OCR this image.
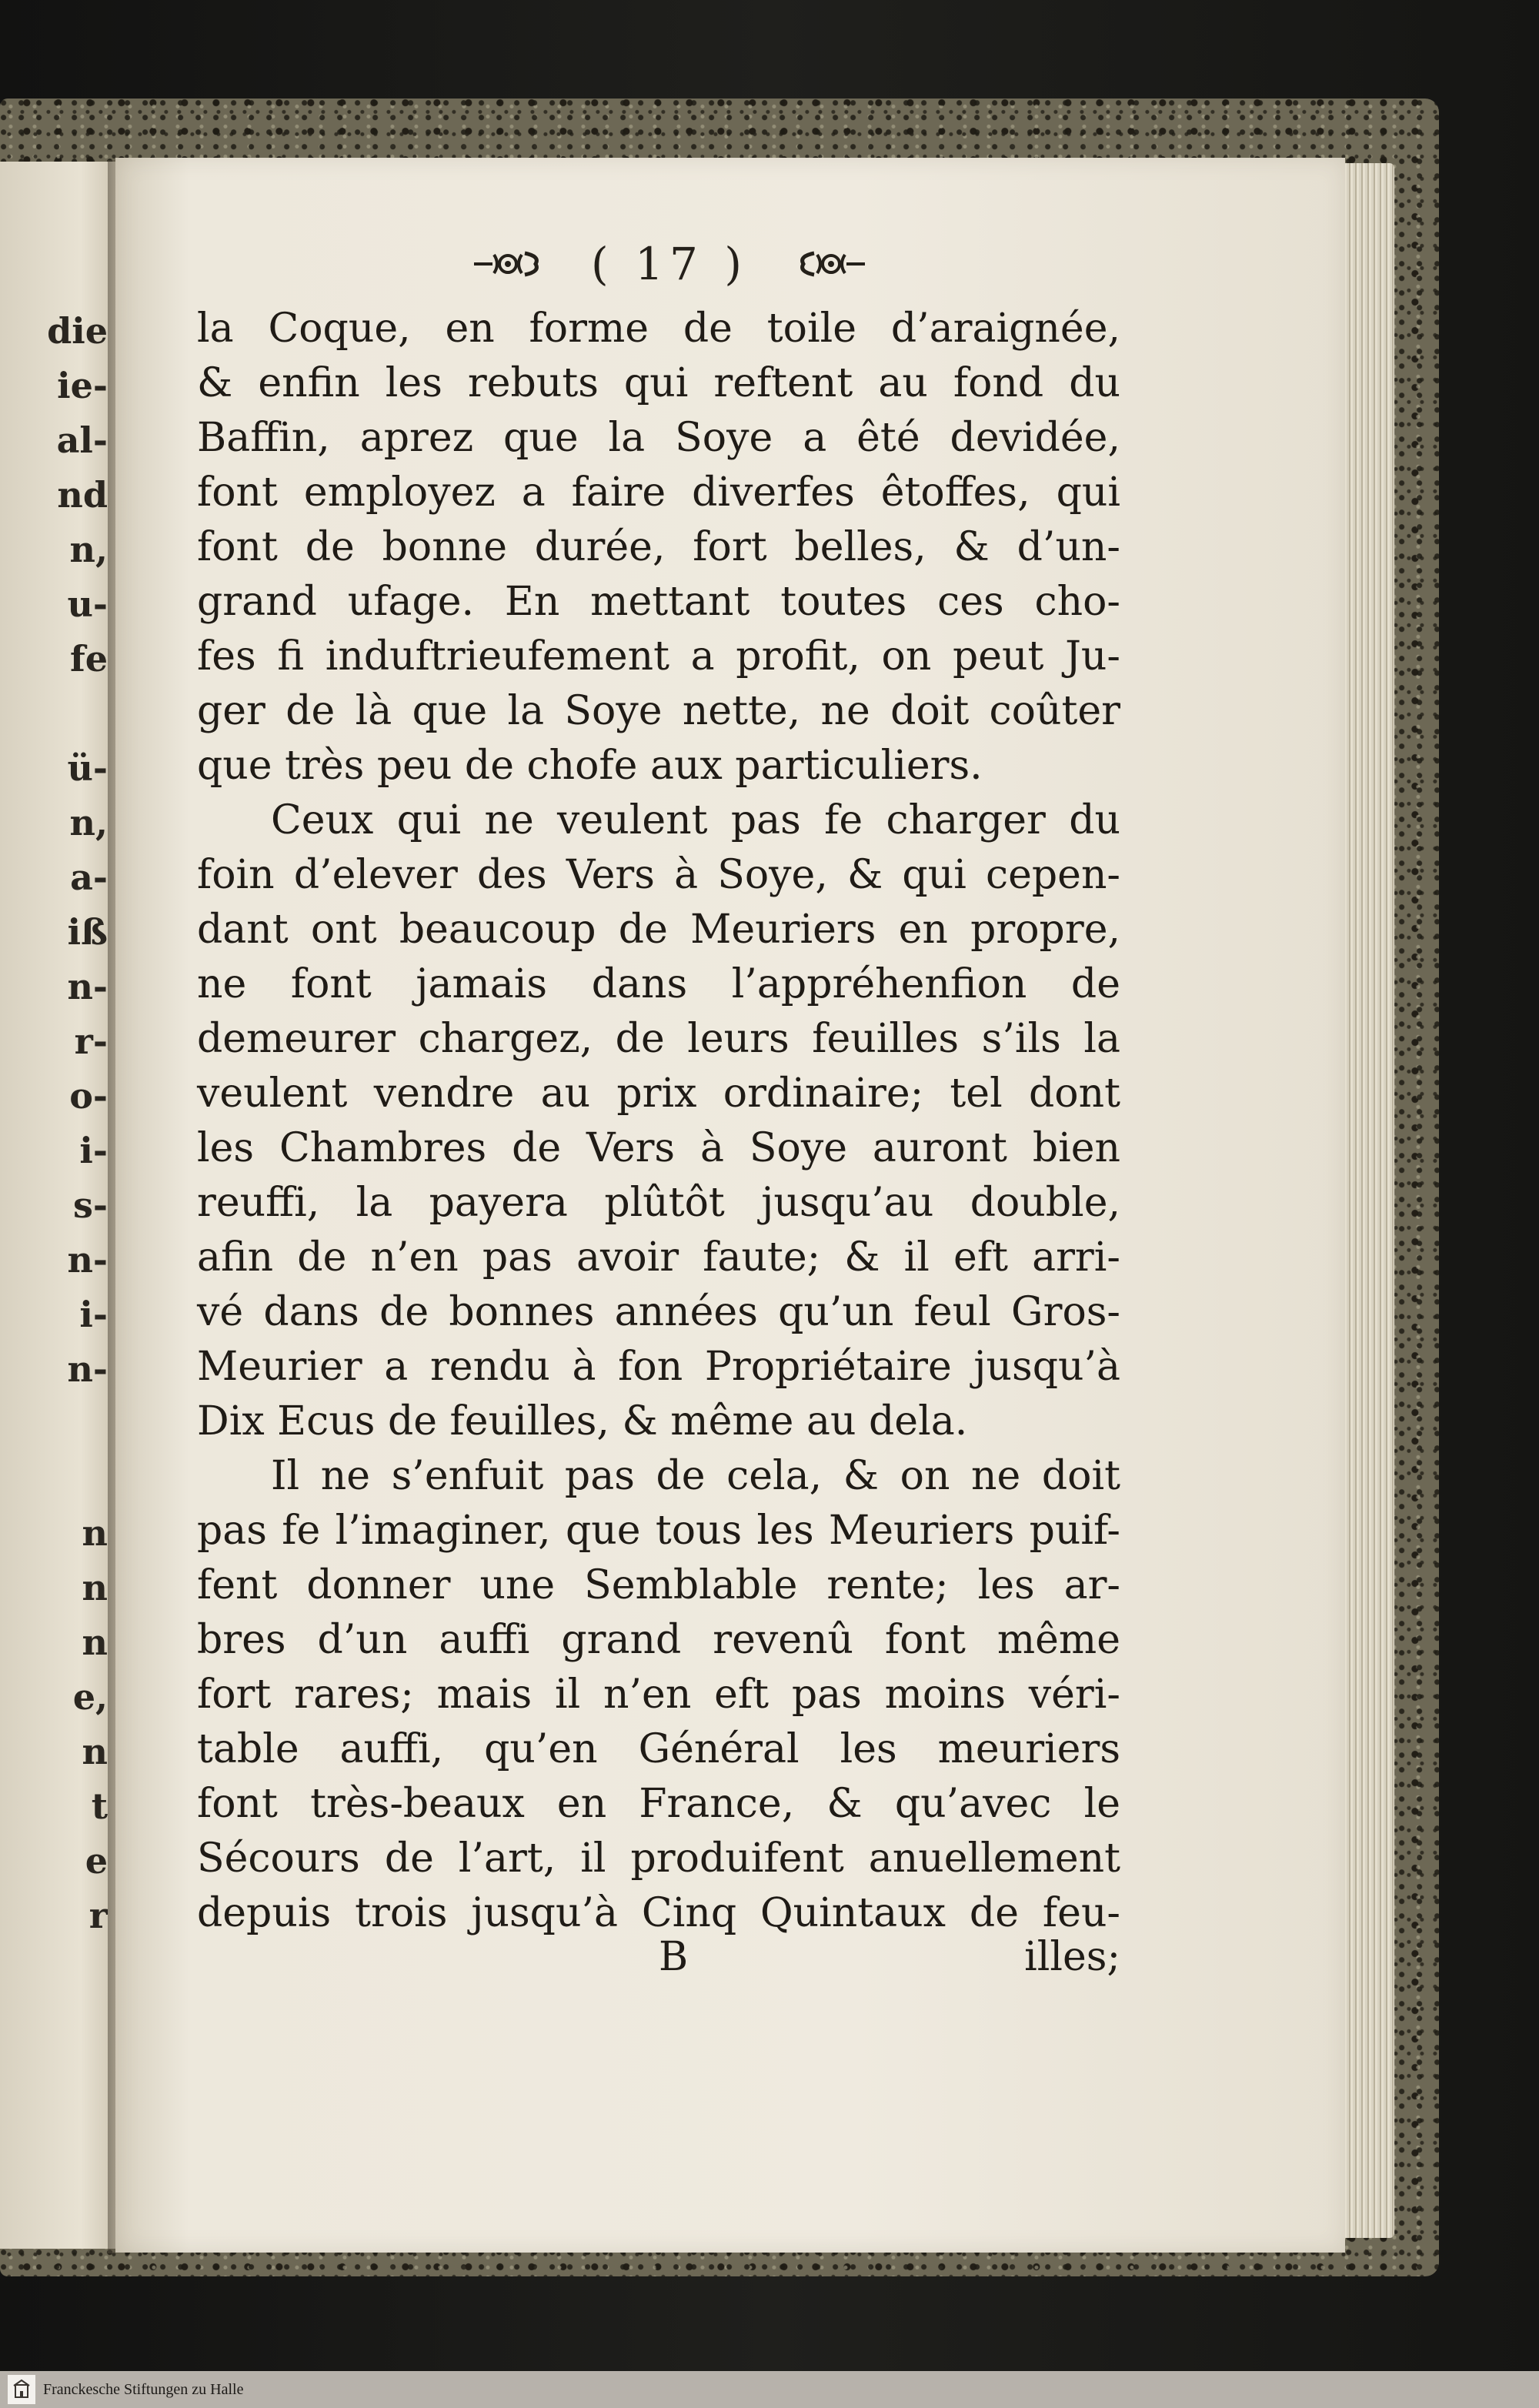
die
ie-
al-
nd
n,
u-
fe
ü-
n,
a-
iß
n-
r-
o-
i-
s-
n-
i-
n-
n
n
n
e,
n
t
e
r
( 17 )
la Coque, en forme de toile d’araignée,
& enfin les rebuts qui reftent au fond du
Baffin, aprez que la Soye a êté devidée,
font employez a faire diverfes êtoffes, qui
font de bonne durée, fort belles, & d’un-
grand ufage. En mettant toutes ces cho-
fes fi induftrieufement a profit, on peut Ju-
ger de là que la Soye nette, ne doit coûter
que très peu de chofe aux particuliers.
Ceux qui ne veulent pas fe charger du
foin d’elever des Vers à Soye, & qui cepen-
dant ont beaucoup de Meuriers en propre,
ne font jamais dans l’appréhenfion de
demeurer chargez, de leurs feuilles s’ils la
veulent vendre au prix ordinaire; tel dont
les Chambres de Vers à Soye auront bien
reuffi, la payera plûtôt jusqu’au double,
afin de n’en pas avoir faute; & il eft arri-
vé dans de bonnes années qu’un feul Gros-
Meurier a rendu à fon Propriétaire jusqu’à
Dix Ecus de feuilles, & même au dela.
Il ne s’enfuit pas de cela, & on ne doit
pas fe l’imaginer, que tous les Meuriers puif-
fent donner une Semblable rente; les ar-
bres d’un auffi grand revenû font même
fort rares; mais il n’en eft pas moins véri-
table auffi, qu’en Général les meuriers
font très-beaux en France, & qu’avec le
Sécours de l’art, il produifent anuellement
depuis trois jusqu’à Cinq Quintaux de feu-
B	illes;
Franckesche Stiftungen zu Halle
